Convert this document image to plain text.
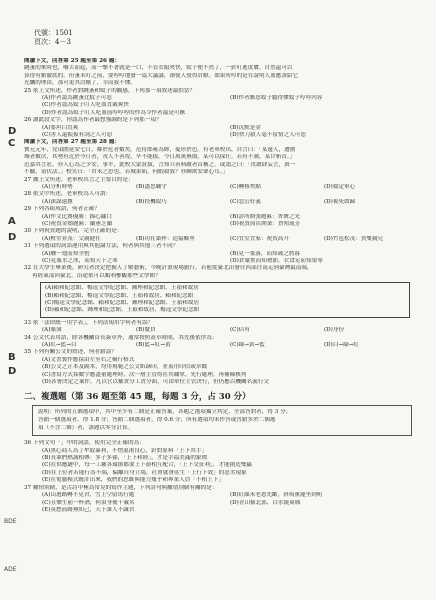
代號：1501
頁次：4－3
閱讀下文，回答第 25 題至第 26 題：
跳蚤的來時也，嚼舌而起，而一擊不著就是一口，不管衣服夾快，蚊子便不然了，一針叮進皮膚，自然還可以
算得有點徹底的，但蚤未叮之前，要哼哼地發一篇大議論，卻使人覺得討厭。如果所哼的是在說明人血應該給它
充饑的理由，那可更其討厭了，幸而我不懂。
25 依上文所述，作者對跳蚤和蚊子的觀感，下列那一項敘述最恰當？
(A)作者認為跳蚤比蚊子可惡	(B)作者厭惡蚊子聽得懂蚊子哼哼內容
(C)作者認為蚊子叮人吃血直截爽快
(D)作者認為蚊子叮人吃血前哼哼哼的作為令作者最是可厭
26 讀此段文字，你認為作者最想強調的是下列那一項？
(A)要坦白直爽	(B)沉默是金
(C)害人還振振有詞之人可惡	(D)快刀殺人毫不留情之人可惡
閱讀下文，回答第 27 題至第 28 題：
寶元元年，党項圍延安七日，鄰於危者數矣。范侍郎雍為帥，憂形於色。有老軍校出，自言曰：「某邊人，遭圍
城者數次，其勢有近於今日者，戎人不善攻，卒不能拔。今日萬萬無虞，某可以保任。若有不測，某甘斬首。」
范嘉其言壯，亦人心為之少安。事平，此校大蒙賞拔，言知兵善料敵者首稱之。或謂之曰：「汝敢肆妄言，萬一
不驗，須伏法。」校笑曰：「君未之思也。若城果陷，何暇殺我？亦聊欲安眾心耳。」
27 據上文所述，老軍校出言之主要目的是：
(A)分析時勢	(B)盡忠職守	(C)轉移焦點	(D)穩定軍心
28 依文中所述，老軍校為人可謂：
(A)深謀遠慮	(B)投機取巧	(C)忽公好義	(D)視死如歸
29 下列各組成語，何者正確？
(A)作文比賽優勝：錦心繡口	(B)診所開張題匾：杏壇之光
(C)祝賀金婚題匾：蘭蕙芝蘭	(D)祝賀商店開業：貨殖流芳
30 下列祝賀題的說明，完全正確的是：
(A)橙堂並茂：父親健在	(B)功在桑梓：造福鄉里	(C)宜室宜家：祝賀高升	(D)竹苞松茂：賀雙親兄
31 下列選項的詞語運用與其他論方法，何者與其他三者不同？
(A)纏一翅而知全豹	(B)見一葉落，而知歲之將暮
(C)見瓶水之冰，而知天下之寒	(D)倉廩實而知禮節，衣食足而知榮辱
32 在大學生畢業後，研究者決定把握人了解藝術，今晚計畫現場旅行，若他從臺北出發往西部往南走到臺灣最南端，
再經東部回臺北，沿途依可以順利參觀那些文學館？
(A)賴和紀念館、楊逵文學紀念館、鍾理和紀念館、王禎和故居
(B)賴和紀念館、楊逵文學紀念館、王禎和故居、賴和紀念館
(C)楊逵文學紀念館、賴和紀念館、鍾理和紀念館、王禎和故居
(D)賴和紀念館、鍾理和紀念館、王禎和故居、楊逵文學紀念館
33 依「法律統一用字表」，下列法規用字何者有誤？
(A)賬簿	(B)釐員	(C)佔有	(D)身份
34 公文代表用語，除各機關首長簽章外，通常按照蓋章時間，其先後依序為：
(A)紅→藍→白	(B)藍→紅→黃	(C)綠→黃→藍	(D)白→綠→紅
35 下列有關公文的敘述，何者錯誤？
(A)文書製作應採由左至右之橫行格式
(B)公文之正本及副本，均用規範之公文紙繕印，並蓋用印信或章戳
(C)書寫方式採數字應盡量處理時，次一層主管得在其職掌，先行處理，再補陳核判
(D)各署決定之案件，凡以官以權責分工責分面，可由單位主管決行，但仍應以機關名義行文
二、複選題（第 36 題至第 45 題，每題 3 分，占 30 分）
說明：所列的五個選項中，其中至少有二個是正確答案，各題之選項獨立判定，全部答對者，得 3 分；
答錯一個選項者，得 1.8 分；答錯二個選項者，得 0.6 分；所有選項均未作答或答錯多於二個選
項（不含二個）者，該題以零分計算。
36 下列文句「」中的詞語，使用完全正確的為：
(A)黑心商人為了牟取暴利，不惜混淆良心，針對原料「上下其手」
(B)長輩們熱誠相傳：多子多孫，「上下和睦」，才是幸福美滿的象徵
(C)在供應鏈中，每一工廠各環節都要上下游相互配合，「上下交征利」，才能創造雙贏
(D)在上位者若能行為不端，偏離自身立場，社會就會產生「上行下效」的惡劣現象
(E)在電腦模式統計出來，我們的思維與能力幾乎和專業人員「不相上下」
37 雕情別緒，是古詩中極為常見的寫作主題，下列詩句與離情別緒有關的是：
(A)山迴路轉不見君，雪上空留馬行處	(B)紅顏未老恩先斷，斜倚薰籠坐到明
(C)且樂生前一杯酒，何須身後千載名	(D)青山横北郭，白水繞東城
(E)莫愁前路無知己，天下誰人不識君
D
C
A
D
B
D
BDE
ADE
